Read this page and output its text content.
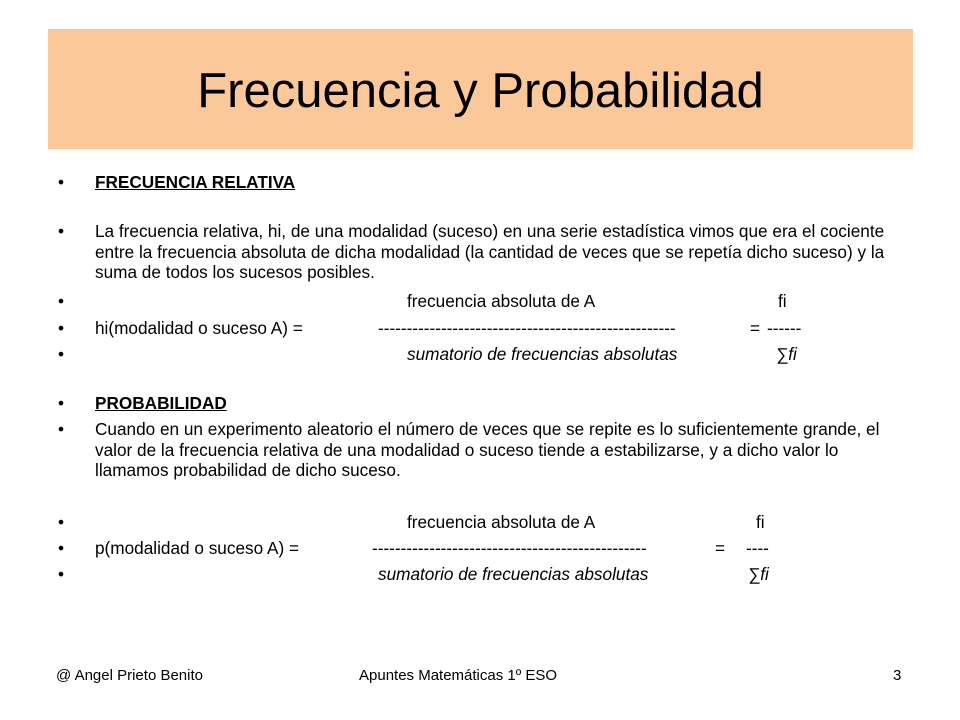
Frecuencia y Probabilidad
• FRECUENCIA RELATIVA
• La frecuencia relativa, hi, de una modalidad (suceso) en una serie estadística vimos que era el cociente entre la frecuencia absoluta de dicha modalidad (la cantidad de veces que se repetía dicho suceso) y la suma de todos los sucesos posibles.
•	frecuencia absoluta de A	fi
• hi(modalidad o suceso A) =	----------------------------------------------------	= ------
•	sumatorio de frecuencias absolutas	∑fi
• PROBABILIDAD
• Cuando en un experimento aleatorio el número de veces que se repite es lo suficientemente grande, el valor de la frecuencia relativa de una modalidad o suceso tiende a estabilizarse, y a dicho valor lo llamamos probabilidad de dicho suceso.
•	frecuencia absoluta de A	fi
• p(modalidad o suceso A) =	------------------------------------------------	= ----
•	sumatorio de frecuencias absolutas	∑fi
@ Angel Prieto Benito	Apuntes Matemáticas 1º ESO	3
